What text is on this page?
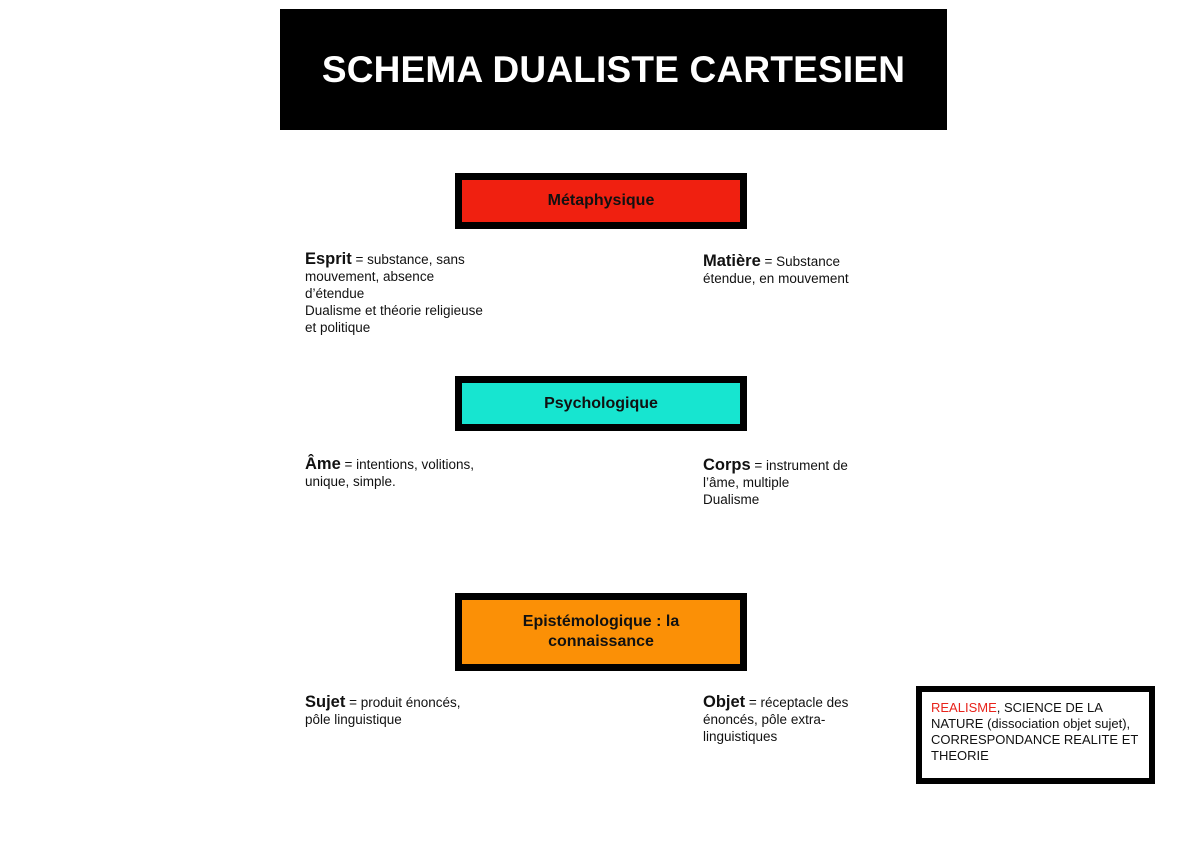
SCHEMA DUALISTE CARTESIEN
Métaphysique
Esprit = substance, sans
mouvement, absence
d’étendue
Dualisme et théorie religieuse
et politique
Matière = Substance
étendue, en mouvement
Psychologique
Âme = intentions, volitions,
unique, simple.
Corps = instrument de
l’âme, multiple
Dualisme
Epistémologique : la connaissance
Sujet = produit énoncés,
pôle linguistique
Objet = réceptacle des
énoncés, pôle extra-
linguistiques
REALISME, SCIENCE DE LA NATURE (dissociation objet sujet), CORRESPONDANCE REALITE ET THEORIE
